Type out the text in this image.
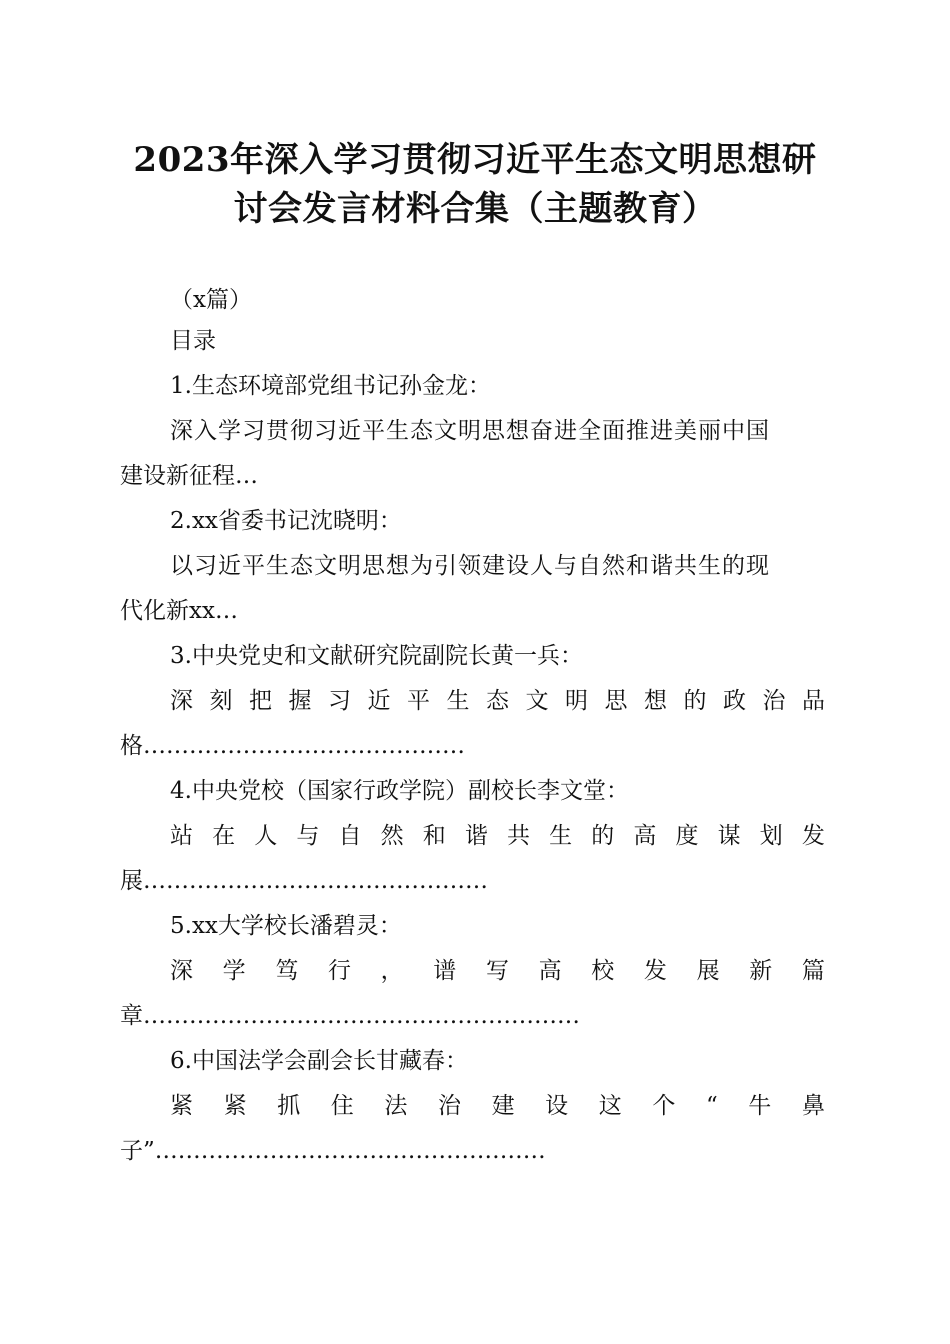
2023年深入学习贯彻习近平生态文明思想研
讨会发言材料合集（主题教育）

（x篇）

目录

1.生态环境部党组书记孙金龙：

深入学习贯彻习近平生态文明思想奋进全面推进美丽中国

建设新征程…

2.xx省委书记沈晓明：

以习近平生态文明思想为引领建设人与自然和谐共生的现

代化新xx…

3.中央党史和文献研究院副院长黄一兵：

深 刻 把 握 习 近 平 生 态 文 明 思 想 的 政 治 品

格……………………………………

4.中央党校（国家行政学院）副校长李文堂：

站 在 人 与 自 然 和 谐 共 生 的 高 度 谋 划 发

展………………………………………

5.xx大学校长潘碧灵：

深 学 笃 行 ， 谱 写 高 校 发 展 新 篇

章…………………………………………………

6.中国法学会副会长甘藏春：

紧 紧 抓 住 法 治 建 设 这 个 “ 牛 鼻

子”……………………………………………
